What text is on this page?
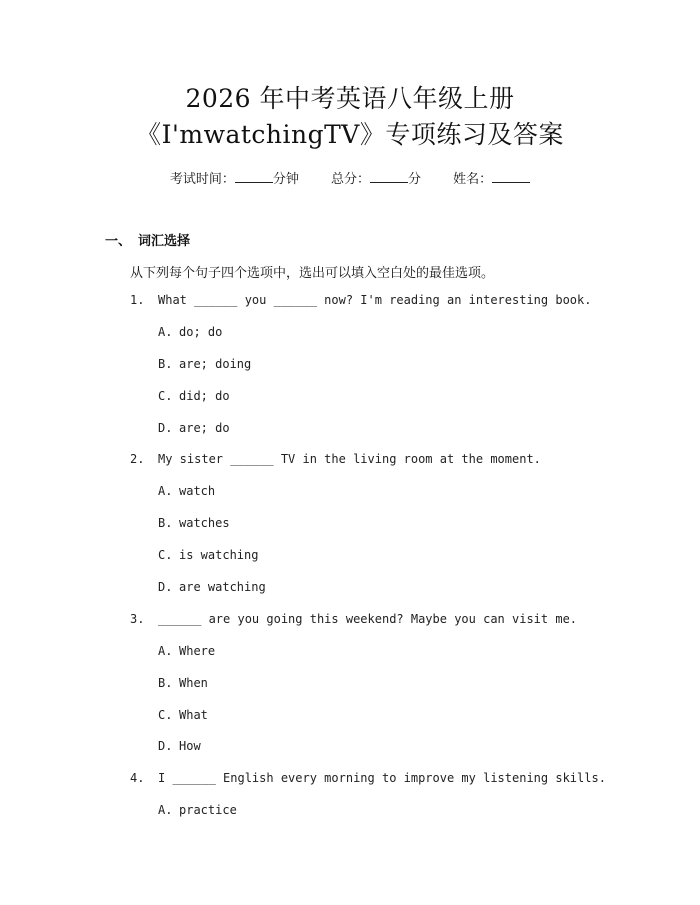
2026 年中考英语八年级上册
《I'mwatchingTV》专项练习及答案
考试时间：	分钟 总分：	分 姓名：
一、 词汇选择
从下列每个句子四个选项中，选出可以填入空白处的最佳选项。
1. What ______ you ______ now? I'm reading an interesting book.
A. do; do
B. are; doing
C. did; do
D. are; do
2. My sister ______ TV in the living room at the moment.
A. watch
B. watches
C. is watching
D. are watching
3. ______ are you going this weekend? Maybe you can visit me.
A. Where
B. When
C. What
D. How
4. I ______ English every morning to improve my listening skills.
A. practice
